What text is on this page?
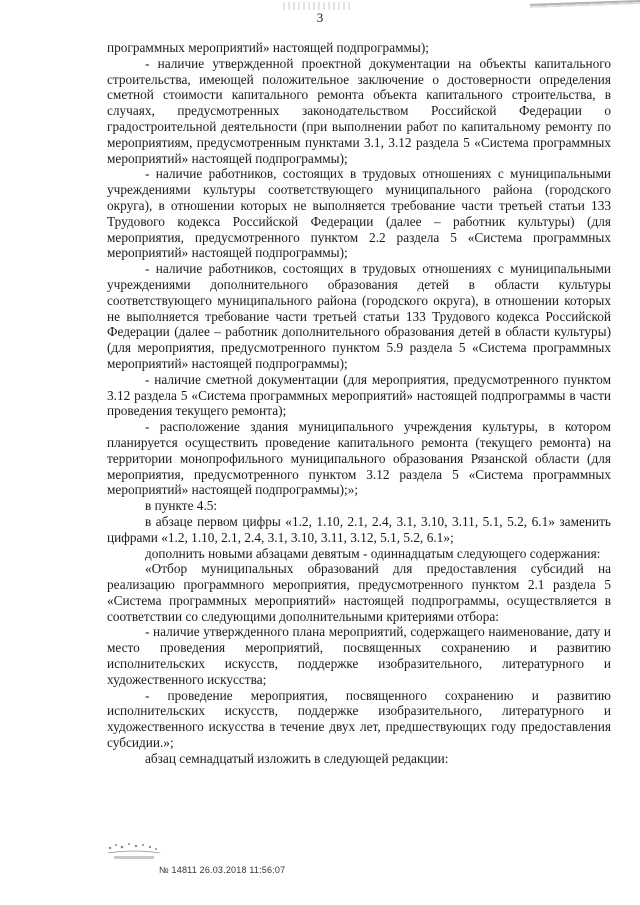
3

программных мероприятий» настоящей подпрограммы);

- наличие утвержденной проектной документации на объекты капитального строительства, имеющей положительное заключение о достоверности определения сметной стоимости капитального ремонта объекта капитального строительства, в случаях, предусмотренных законодательством Российской Федерации о градостроительной деятельности (при выполнении работ по капитальному ремонту по мероприятиям, предусмотренным пунктами 3.1, 3.12 раздела 5 «Система программных мероприятий» настоящей подпрограммы);

- наличие работников, состоящих в трудовых отношениях с муниципальными учреждениями культуры соответствующего муниципального района (городского округа), в отношении которых не выполняется требование части третьей статьи 133 Трудового кодекса Российской Федерации (далее – работник культуры) (для мероприятия, предусмотренного пунктом 2.2 раздела 5 «Система программных мероприятий» настоящей подпрограммы);

- наличие работников, состоящих в трудовых отношениях с муниципальными учреждениями дополнительного образования детей в области культуры соответствующего муниципального района (городского округа), в отношении которых не выполняется требование части третьей статьи 133 Трудового кодекса Российской Федерации (далее – работник дополнительного образования детей в области культуры) (для мероприятия, предусмотренного пунктом 5.9 раздела 5 «Система программных мероприятий» настоящей подпрограммы);

- наличие сметной документации (для мероприятия, предусмотренного пунктом 3.12 раздела 5 «Система программных мероприятий» настоящей подпрограммы в части проведения текущего ремонта);

- расположение здания муниципального учреждения культуры, в котором планируется осуществить проведение капитального ремонта (текущего ремонта) на территории монопрофильного муниципального образования Рязанской области (для мероприятия, предусмотренного пунктом 3.12 раздела 5 «Система программных мероприятий» настоящей подпрограммы);»;

в пункте 4.5:

в абзаце первом цифры «1.2, 1.10, 2.1, 2.4, 3.1, 3.10, 3.11, 5.1, 5.2, 6.1» заменить цифрами «1.2, 1.10, 2.1, 2.4, 3.1, 3.10, 3.11, 3.12, 5.1, 5.2, 6.1»;

дополнить новыми абзацами девятым - одиннадцатым следующего содержания:

«Отбор муниципальных образований для предоставления субсидий на реализацию программного мероприятия, предусмотренного пунктом 2.1 раздела 5 «Система программных мероприятий» настоящей подпрограммы, осуществляется в соответствии со следующими дополнительными критериями отбора:

- наличие утвержденного плана мероприятий, содержащего наименование, дату и место проведения мероприятий, посвященных сохранению и развитию исполнительских искусств, поддержке изобразительного, литературного и художественного искусства;

- проведение мероприятия, посвященного сохранению и развитию исполнительских искусств, поддержке изобразительного, литературного и художественного искусства в течение двух лет, предшествующих году предоставления субсидии.»;

абзац семнадцатый изложить в следующей редакции:

№ 14811 26.03.2018 11:56:07
